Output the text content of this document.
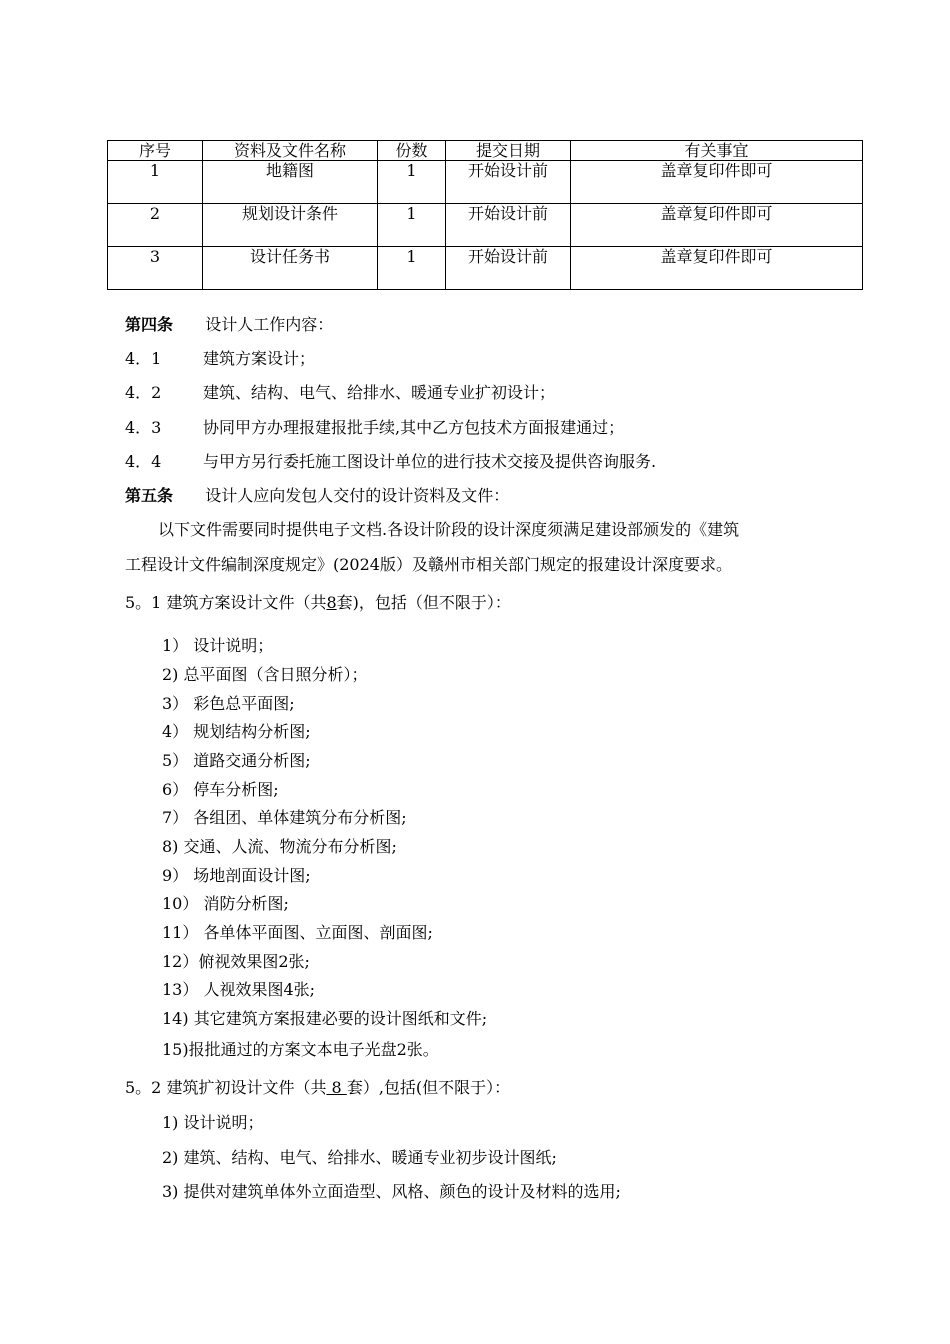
序号	资料及文件名称	份数	提交日期	有关事宜
1	地籍图	1	开始设计前	盖章复印件即可
2	规划设计条件	1	开始设计前	盖章复印件即可
3	设计任务书	1	开始设计前	盖章复印件即可
第四条 设计人工作内容：
4．1	建筑方案设计；
4．2	建筑、结构、电气、给排水、暖通专业扩初设计；
4．3	协同甲方办理报建报批手续,其中乙方包技术方面报建通过；
4．4	与甲方另行委托施工图设计单位的进行技术交接及提供咨询服务.
第五条 设计人应向发包人交付的设计资料及文件：
以下文件需要同时提供电子文档.各设计阶段的设计深度须满足建设部颁发的《建筑
工程设计文件编制深度规定》(2024版）及赣州市相关部门规定的报建设计深度要求。
5。1 建筑方案设计文件（共8套)，包括（但不限于）：
1） 设计说明；
2) 总平面图（含日照分析）；
3） 彩色总平面图;
4） 规划结构分析图;
5） 道路交通分析图;
6） 停车分析图;
7） 各组团、单体建筑分布分析图;
8) 交通、人流、物流分布分析图;
9） 场地剖面设计图;
10） 消防分析图;
11） 各单体平面图、立面图、剖面图;
12）俯视效果图2张;
13） 人视效果图4张;
14) 其它建筑方案报建必要的设计图纸和文件;
15)报批通过的方案文本电子光盘2张。
5。2 建筑扩初设计文件（共 8 套）,包括(但不限于）：
1) 设计说明；
2) 建筑、结构、电气、给排水、暖通专业初步设计图纸;
3) 提供对建筑单体外立面造型、风格、颜色的设计及材料的选用;
